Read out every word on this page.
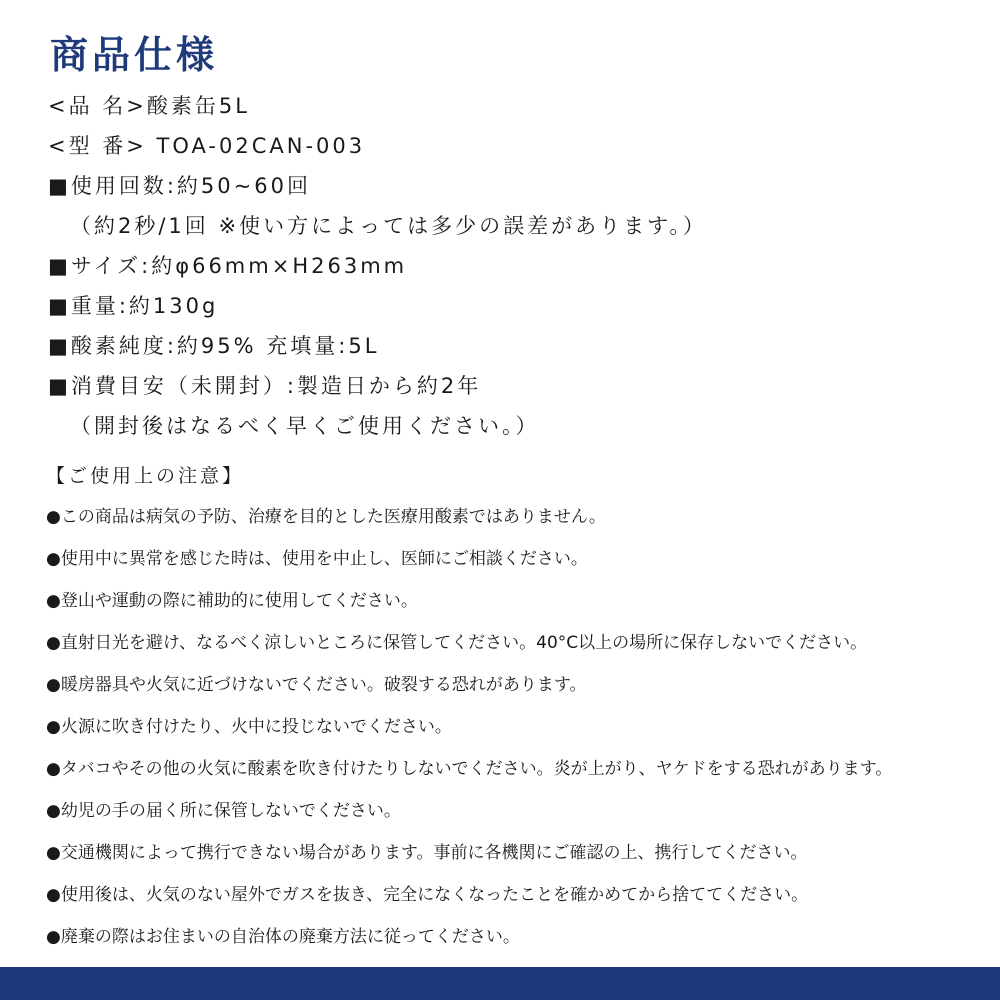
商品仕様
<品 名>酸素缶5L
<型 番> TOA-02CAN-003
■使用回数:約50~60回
（約2秒/1回 ※使い方によっては多少の誤差があります。）
■サイズ:約φ66mm×H263mm
■重量:約130g
■酸素純度:約95% 充填量:5L
■消費目安（未開封）:製造日から約2年
（開封後はなるべく早くご使用ください。）
【ご使用上の注意】
●この商品は病気の予防、治療を目的とした医療用酸素ではありません。
●使用中に異常を感じた時は、使用を中止し、医師にご相談ください。
●登山や運動の際に補助的に使用してください。
●直射日光を避け、なるべく涼しいところに保管してください。40°C以上の場所に保存しないでください。
●暖房器具や火気に近づけないでください。破裂する恐れがあります。
●火源に吹き付けたり、火中に投じないでください。
●タバコやその他の火気に酸素を吹き付けたりしないでください。炎が上がり、ヤケドをする恐れがあります。
●幼児の手の届く所に保管しないでください。
●交通機関によって携行できない場合があります。事前に各機関にご確認の上、携行してください。
●使用後は、火気のない屋外でガスを抜き、完全になくなったことを確かめてから捨ててください。
●廃棄の際はお住まいの自治体の廃棄方法に従ってください。
